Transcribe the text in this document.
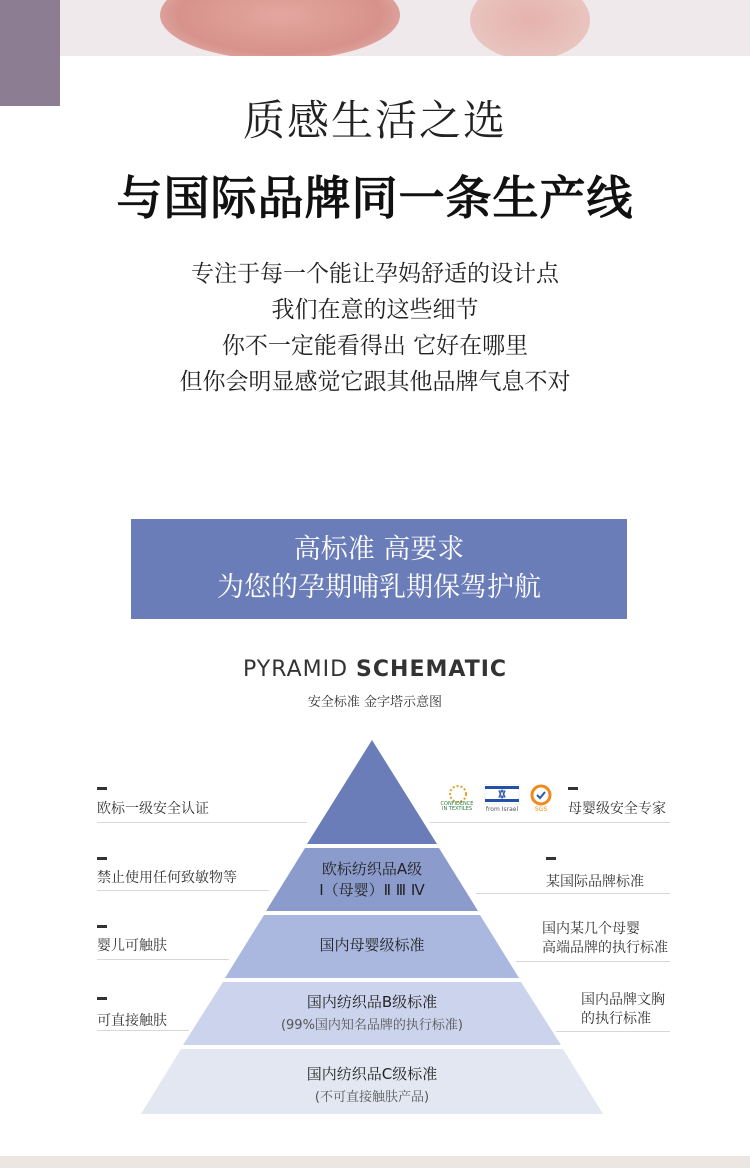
质感生活之选
与国际品牌同一条生产线
专注于每一个能让孕妈舒适的设计点
我们在意的这些细节
你不一定能看得出 它好在哪里
但你会明显感觉它跟其他品牌气息不对
高标准 高要求
为您的孕期哺乳期保驾护航
PYRAMID SCHEMATIC
安全标准 金字塔示意图
欧标纺织品A级
Ⅰ（母婴）Ⅱ Ⅲ Ⅳ
国内母婴级标准
国内纺织品B级标准
(99%国内知名品牌的执行标准)
国内纺织品C级标准
(不可直接触肤产品)
欧标一级安全认证
禁止使用任何致敏物等
婴儿可触肤
可直接触肤
CONFIDENCE
IN TEXTILES from Israel	SGS 母婴级安全专家
某国际品牌标准
国内某几个母婴
高端品牌的执行标准
国内品牌文胸
的执行标准
